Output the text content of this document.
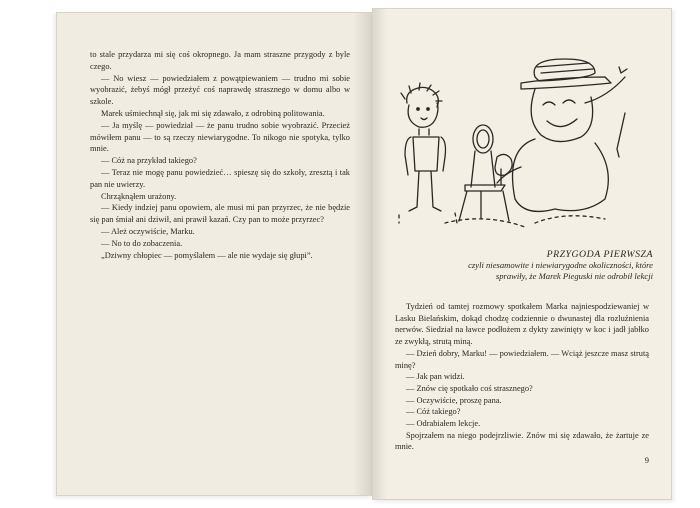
to stale przydarza mi się coś okropnego. Ja mam straszne przygody z byle czego.

— No wiesz — powiedziałem z powątpiewaniem — trudno mi sobie wyobrazić, żebyś mógł przeżyć coś naprawdę strasznego w domu albo w szkole.

Marek uśmiechnął się, jak mi się zdawało, z odrobiną politowania.

— Ja myślę — powiedział — że panu trudno sobie wyobrazić. Przecież mówiłem panu — to są rzeczy niewiarygodne. To nikogo nie spotyka, tylko mnie.

— Cóż na przykład takiego?

— Teraz nie mogę panu powiedzieć… spieszę się do szkoły, zresztą i tak pan nie uwierzy.

Chrząknąłem urażony.

— Kiedy indziej panu opowiem, ale musi mi pan przyrzec, że nie będzie się pan śmiał ani dziwił, ani prawił kazań. Czy pan to może przyrzec?

— Ależ oczywiście, Marku.

— No to do zobaczenia.

„Dziwny chłopiec — pomyślałem — ale nie wydaje się głupi”.	PRZYGODA PIERWSZA
czyli niesamowite i niewiarygodne okoliczności, które sprawiły, że Marek Pieguski nie odrobił lekcji

Tydzień od tamtej rozmowy spotkałem Marka najniespodziewaniej w Lasku Bielańskim, dokąd chodzę codziennie o dwunastej dla rozluźnienia nerwów. Siedział na ławce podłożem z dykty zawinięty w koc i jadł jabłko ze zwykłą, strutą miną.

— Dzień dobry, Marku! — powiedziałem. — Wciąż jeszcze masz strutą minę?

— Jak pan widzi.

— Znów cię spotkało coś strasznego?

— Oczywiście, proszę pana.

— Cóż takiego?

— Odrabiałem lekcje.

Spojrzałem na niego podejrzliwie. Znów mi się zdawało, że żartuje ze mnie.

9
